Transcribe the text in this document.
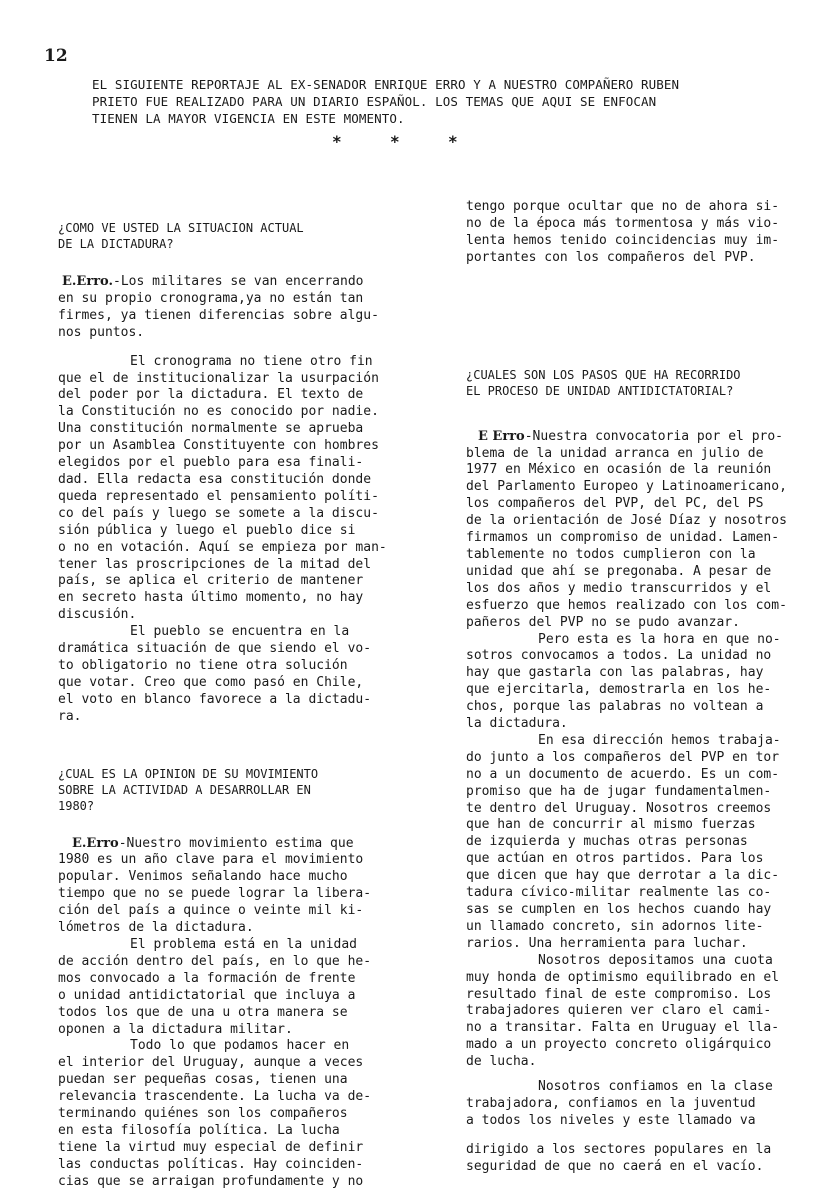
12
EL SIGUIENTE REPORTAJE AL EX-SENADOR ENRIQUE ERRO Y A NUESTRO COMPAÑERO RUBEN
PRIETO FUE REALIZADO PARA UN DIARIO ESPAÑOL. LOS TEMAS QUE AQUI SE ENFOCAN
TIENEN LA MAYOR VIGENCIA EN ESTE MOMENTO.
*	*	*
¿COMO VE USTED LA SITUACION ACTUAL
DE LA DICTADURA?
E.Erro.-Los militares se van encerrando
en su propio cronograma,ya no están tan
firmes, ya tienen diferencias sobre algu-
nos puntos.
El cronograma no tiene otro fin
que el de institucionalizar la usurpación
del poder por la dictadura. El texto de
la Constitución no es conocido por nadie.
Una constitución normalmente se aprueba
por un Asamblea Constituyente con hombres
elegidos por el pueblo para esa finali-
dad. Ella redacta esa constitución donde
queda representado el pensamiento políti-
co del país y luego se somete a la discu-
sión pública y luego el pueblo dice si
o no en votación. Aquí se empieza por man-
tener las proscripciones de la mitad del
país, se aplica el criterio de mantener
en secreto hasta último momento, no hay
discusión.
El pueblo se encuentra en la
dramática situación de que siendo el vo-
to obligatorio no tiene otra solución
que votar. Creo que como pasó en Chile,
el voto en blanco favorece a la dictadu-
ra.
¿CUAL ES LA OPINION DE SU MOVIMIENTO
SOBRE LA ACTIVIDAD A DESARROLLAR EN
1980?
E.Erro-Nuestro movimiento estima que
1980 es un año clave para el movimiento
popular. Venimos señalando hace mucho
tiempo que no se puede lograr la libera-
ción del país a quince o veinte mil ki-
lómetros de la dictadura.
El problema está en la unidad
de acción dentro del país, en lo que he-
mos convocado a la formación de frente
o unidad antidictatorial que incluya a
todos los que de una u otra manera se
oponen a la dictadura militar.
Todo lo que podamos hacer en
el interior del Uruguay, aunque a veces
puedan ser pequeñas cosas, tienen una
relevancia trascendente. La lucha va de-
terminando quiénes son los compañeros
en esta filosofía política. La lucha
tiene la virtud muy especial de definir
las conductas políticas. Hay coinciden-
cias que se arraigan profundamente y no
tengo porque ocultar que no de ahora si-
no de la época más tormentosa y más vio-
lenta hemos tenido coincidencias muy im-
portantes con los compañeros del PVP.
¿CUALES SON LOS PASOS QUE HA RECORRIDO
EL PROCESO DE UNIDAD ANTIDICTATORIAL?
E Erro-Nuestra convocatoria por el pro-
blema de la unidad arranca en julio de
1977 en México en ocasión de la reunión
del Parlamento Europeo y Latinoamericano,
los compañeros del PVP, del PC, del PS
de la orientación de José Díaz y nosotros
firmamos un compromiso de unidad. Lamen-
tablemente no todos cumplieron con la
unidad que ahí se pregonaba. A pesar de
los dos años y medio transcurridos y el
esfuerzo que hemos realizado con los com-
pañeros del PVP no se pudo avanzar.
Pero esta es la hora en que no-
sotros convocamos a todos. La unidad no
hay que gastarla con las palabras, hay
que ejercitarla, demostrarla en los he-
chos, porque las palabras no voltean a
la dictadura.
En esa dirección hemos trabaja-
do junto a los compañeros del PVP en tor
no a un documento de acuerdo. Es un com-
promiso que ha de jugar fundamentalmen-
te dentro del Uruguay. Nosotros creemos
que han de concurrir al mismo fuerzas
de izquierda y muchas otras personas
que actúan en otros partidos. Para los
que dicen que hay que derrotar a la dic-
tadura cívico-militar realmente las co-
sas se cumplen en los hechos cuando hay
un llamado concreto, sin adornos lite-
rarios. Una herramienta para luchar.
Nosotros depositamos una cuota
muy honda de optimismo equilibrado en el
resultado final de este compromiso. Los
trabajadores quieren ver claro el cami-
no a transitar. Falta en Uruguay el lla-
mado a un proyecto concreto oligárquico
de lucha.
Nosotros confiamos en la clase
trabajadora, confiamos en la juventud
a todos los niveles y este llamado va
dirigido a los sectores populares en la
seguridad de que no caerá en el vacío.
